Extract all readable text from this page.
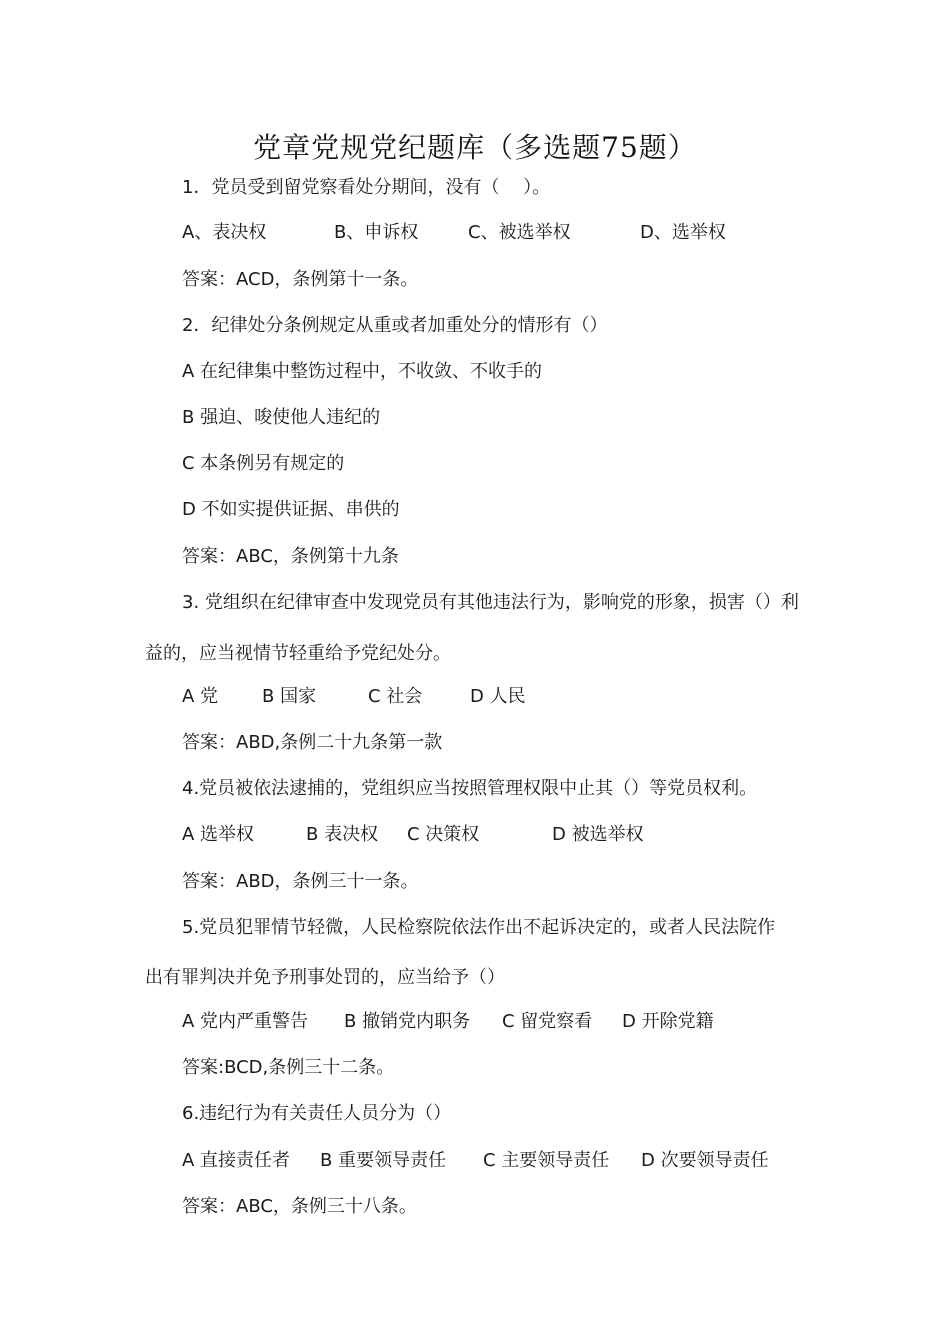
党章党规党纪题库（多选题75题）
1．党员受到留党察看处分期间，没有（　 ）。
A、表决权	B、申诉权	C、被选举权	D、选举权
答案：ACD，条例第十一条。
2．纪律处分条例规定从重或者加重处分的情形有（）
A 在纪律集中整饬过程中，不收敛、不收手的
B 强迫、唆使他人违纪的
C 本条例另有规定的
D 不如实提供证据、串供的
答案：ABC，条例第十九条
3. 党组织在纪律审查中发现党员有其他违法行为，影响党的形象，损害（）利
益的，应当视情节轻重给予党纪处分。
A 党 B 国家	C 社会	D 人民
答案：ABD,条例二十九条第一款
4.党员被依法逮捕的，党组织应当按照管理权限中止其（）等党员权利。
A 选举权	B 表决权 C 决策权	D 被选举权
答案：ABD，条例三十一条。
5.党员犯罪情节轻微，人民检察院依法作出不起诉决定的，或者人民法院作
出有罪判决并免予刑事处罚的，应当给予（）
A 党内严重警告 B 撤销党内职务 C 留党察看 D 开除党籍
答案:BCD,条例三十二条。
6.违纪行为有关责任人员分为（）
A 直接责任者 B 重要领导责任 C 主要领导责任 D 次要领导责任
答案：ABC，条例三十八条。
